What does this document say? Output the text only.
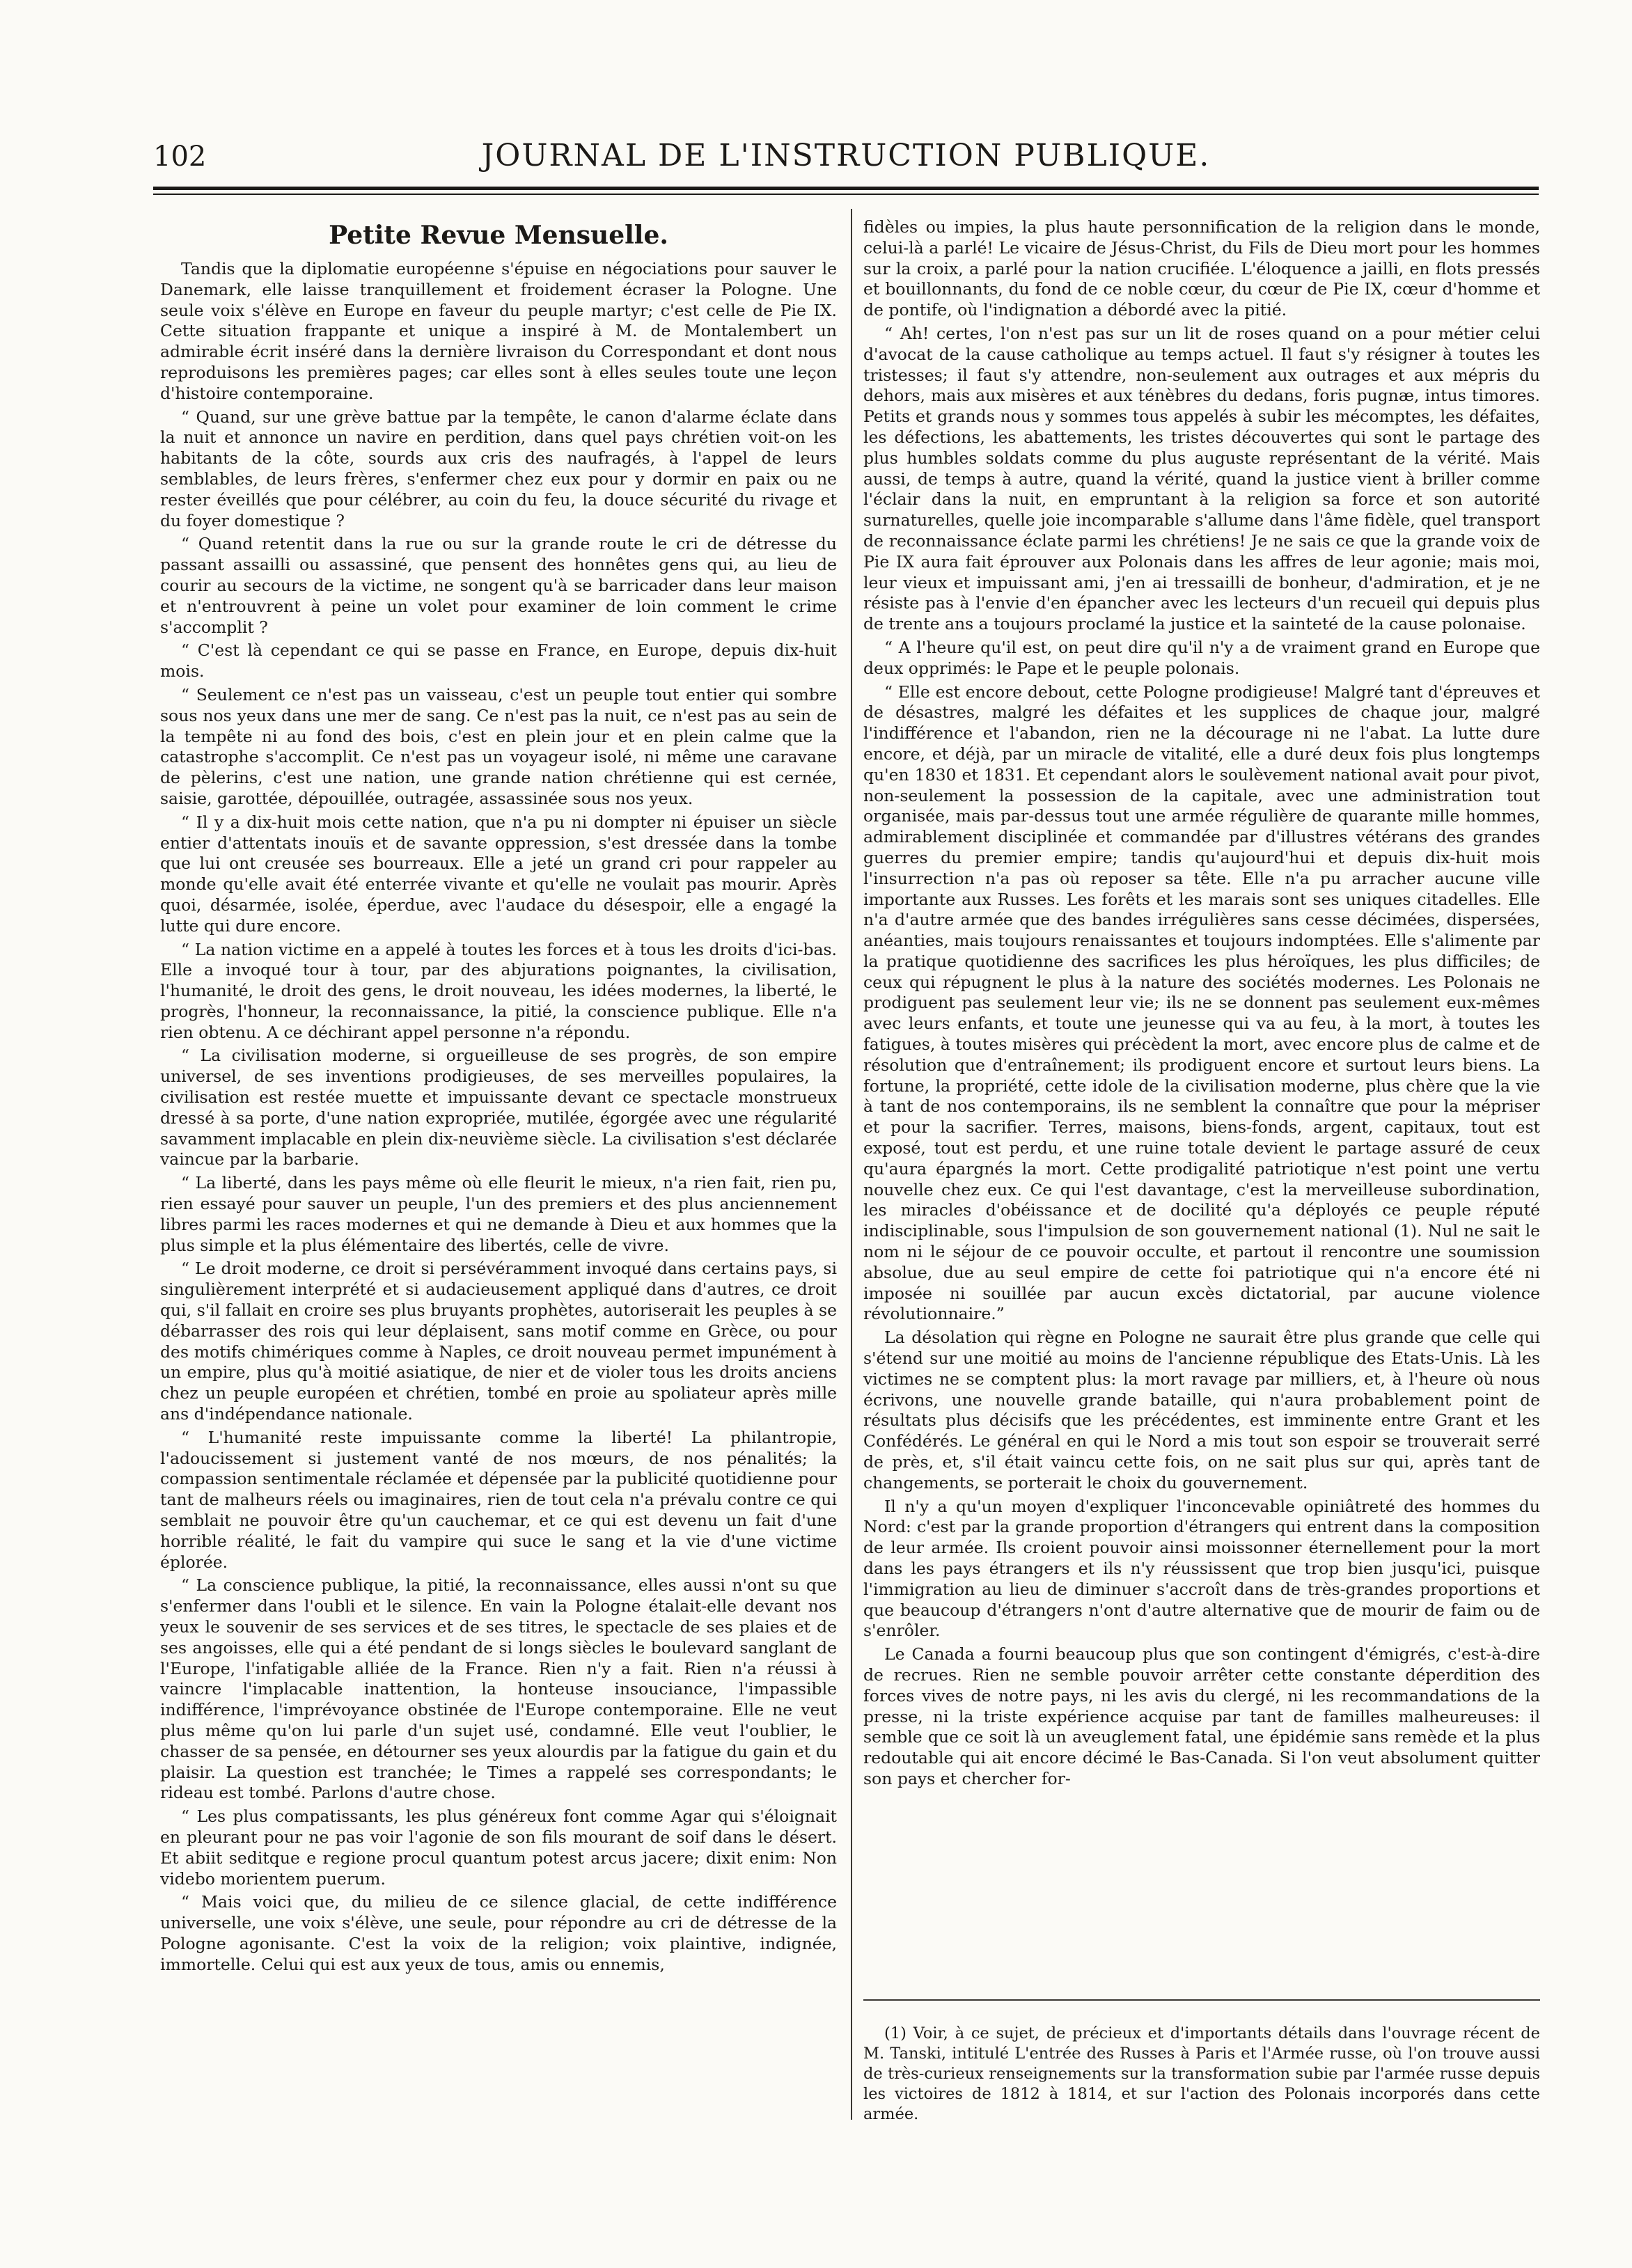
102	JOURNAL DE L'INSTRUCTION PUBLIQUE.
Petite Revue Mensuelle.

Tandis que la diplomatie européenne s'épuise en négociations pour sauver le Danemark, elle laisse tranquillement et froidement écraser la Pologne. Une seule voix s'élève en Europe en faveur du peuple martyr; c'est celle de Pie IX. Cette situation frappante et unique a inspiré à M. de Montalembert un admirable écrit inséré dans la dernière livraison du Correspondant et dont nous reproduisons les premières pages; car elles sont à elles seules toute une leçon d'histoire contemporaine.

“ Quand, sur une grève battue par la tempête, le canon d'alarme éclate dans la nuit et annonce un navire en perdition, dans quel pays chrétien voit-on les habitants de la côte, sourds aux cris des naufragés, à l'appel de leurs semblables, de leurs frères, s'enfermer chez eux pour y dormir en paix ou ne rester éveillés que pour célébrer, au coin du feu, la douce sécurité du rivage et du foyer domestique ?

“ Quand retentit dans la rue ou sur la grande route le cri de détresse du passant assailli ou assassiné, que pensent des honnêtes gens qui, au lieu de courir au secours de la victime, ne songent qu'à se barricader dans leur maison et n'entrouvrent à peine un volet pour examiner de loin comment le crime s'accomplit ?

“ C'est là cependant ce qui se passe en France, en Europe, depuis dix-huit mois.

“ Seulement ce n'est pas un vaisseau, c'est un peuple tout entier qui sombre sous nos yeux dans une mer de sang. Ce n'est pas la nuit, ce n'est pas au sein de la tempête ni au fond des bois, c'est en plein jour et en plein calme que la catastrophe s'accomplit. Ce n'est pas un voyageur isolé, ni même une caravane de pèlerins, c'est une nation, une grande nation chrétienne qui est cernée, saisie, garottée, dépouillée, outragée, assassinée sous nos yeux.

“ Il y a dix-huit mois cette nation, que n'a pu ni dompter ni épuiser un siècle entier d'attentats inouïs et de savante oppression, s'est dressée dans la tombe que lui ont creusée ses bourreaux. Elle a jeté un grand cri pour rappeler au monde qu'elle avait été enterrée vivante et qu'elle ne voulait pas mourir. Après quoi, désarmée, isolée, éperdue, avec l'audace du désespoir, elle a engagé la lutte qui dure encore.

“ La nation victime en a appelé à toutes les forces et à tous les droits d'ici-bas. Elle a invoqué tour à tour, par des abjurations poignantes, la civilisation, l'humanité, le droit des gens, le droit nouveau, les idées modernes, la liberté, le progrès, l'honneur, la reconnaissance, la pitié, la conscience publique. Elle n'a rien obtenu. A ce déchirant appel personne n'a répondu.

“ La civilisation moderne, si orgueilleuse de ses progrès, de son empire universel, de ses inventions prodigieuses, de ses merveilles populaires, la civilisation est restée muette et impuissante devant ce spectacle monstrueux dressé à sa porte, d'une nation expropriée, mutilée, égorgée avec une régularité savamment implacable en plein dix-neuvième siècle. La civilisation s'est déclarée vaincue par la barbarie.

“ La liberté, dans les pays même où elle fleurit le mieux, n'a rien fait, rien pu, rien essayé pour sauver un peuple, l'un des premiers et des plus anciennement libres parmi les races modernes et qui ne demande à Dieu et aux hommes que la plus simple et la plus élémentaire des libertés, celle de vivre.

“ Le droit moderne, ce droit si persévéramment invoqué dans certains pays, si singulièrement interprété et si audacieusement appliqué dans d'autres, ce droit qui, s'il fallait en croire ses plus bruyants prophètes, autoriserait les peuples à se débarrasser des rois qui leur déplaisent, sans motif comme en Grèce, ou pour des motifs chimériques comme à Naples, ce droit nouveau permet impunément à un empire, plus qu'à moitié asiatique, de nier et de violer tous les droits anciens chez un peuple européen et chrétien, tombé en proie au spoliateur après mille ans d'indépendance nationale.

“ L'humanité reste impuissante comme la liberté! La philantropie, l'adoucissement si justement vanté de nos mœurs, de nos pénalités; la compassion sentimentale réclamée et dépensée par la publicité quotidienne pour tant de malheurs réels ou imaginaires, rien de tout cela n'a prévalu contre ce qui semblait ne pouvoir être qu'un cauchemar, et ce qui est devenu un fait d'une horrible réalité, le fait du vampire qui suce le sang et la vie d'une victime éplorée.

“ La conscience publique, la pitié, la reconnaissance, elles aussi n'ont su que s'enfermer dans l'oubli et le silence. En vain la Pologne étalait-elle devant nos yeux le souvenir de ses services et de ses titres, le spectacle de ses plaies et de ses angoisses, elle qui a été pendant de si longs siècles le boulevard sanglant de l'Europe, l'infatigable alliée de la France. Rien n'y a fait. Rien n'a réussi à vaincre l'implacable inattention, la honteuse insouciance, l'impassible indifférence, l'imprévoyance obstinée de l'Europe contemporaine. Elle ne veut plus même qu'on lui parle d'un sujet usé, condamné. Elle veut l'oublier, le chasser de sa pensée, en détourner ses yeux alourdis par la fatigue du gain et du plaisir. La question est tranchée; le Times a rappelé ses correspondants; le rideau est tombé. Parlons d'autre chose.

“ Les plus compatissants, les plus généreux font comme Agar qui s'éloignait en pleurant pour ne pas voir l'agonie de son fils mourant de soif dans le désert. Et abiit seditque e regione procul quantum potest arcus jacere; dixit enim: Non videbo morientem puerum.

“ Mais voici que, du milieu de ce silence glacial, de cette indifférence universelle, une voix s'élève, une seule, pour répondre au cri de détresse de la Pologne agonisante. C'est la voix de la religion; voix plaintive, indignée, immortelle. Celui qui est aux yeux de tous, amis ou ennemis,

fidèles ou impies, la plus haute personnification de la religion dans le monde, celui-là a parlé! Le vicaire de Jésus-Christ, du Fils de Dieu mort pour les hommes sur la croix, a parlé pour la nation crucifiée. L'éloquence a jailli, en flots pressés et bouillonnants, du fond de ce noble cœur, du cœur de Pie IX, cœur d'homme et de pontife, où l'indignation a débordé avec la pitié.

“ Ah! certes, l'on n'est pas sur un lit de roses quand on a pour métier celui d'avocat de la cause catholique au temps actuel. Il faut s'y résigner à toutes les tristesses; il faut s'y attendre, non-seulement aux outrages et aux mépris du dehors, mais aux misères et aux ténèbres du dedans, foris pugnæ, intus timores. Petits et grands nous y sommes tous appelés à subir les mécomptes, les défaites, les défections, les abattements, les tristes découvertes qui sont le partage des plus humbles soldats comme du plus auguste représentant de la vérité. Mais aussi, de temps à autre, quand la vérité, quand la justice vient à briller comme l'éclair dans la nuit, en empruntant à la religion sa force et son autorité surnaturelles, quelle joie incomparable s'allume dans l'âme fidèle, quel transport de reconnaissance éclate parmi les chrétiens! Je ne sais ce que la grande voix de Pie IX aura fait éprouver aux Polonais dans les affres de leur agonie; mais moi, leur vieux et impuissant ami, j'en ai tressailli de bonheur, d'admiration, et je ne résiste pas à l'envie d'en épancher avec les lecteurs d'un recueil qui depuis plus de trente ans a toujours proclamé la justice et la sainteté de la cause polonaise.

“ A l'heure qu'il est, on peut dire qu'il n'y a de vraiment grand en Europe que deux opprimés: le Pape et le peuple polonais.

“ Elle est encore debout, cette Pologne prodigieuse! Malgré tant d'épreuves et de désastres, malgré les défaites et les supplices de chaque jour, malgré l'indifférence et l'abandon, rien ne la décourage ni ne l'abat. La lutte dure encore, et déjà, par un miracle de vitalité, elle a duré deux fois plus longtemps qu'en 1830 et 1831. Et cependant alors le soulèvement national avait pour pivot, non-seulement la possession de la capitale, avec une administration tout organisée, mais par-dessus tout une armée régulière de quarante mille hommes, admirablement disciplinée et commandée par d'illustres vétérans des grandes guerres du premier empire; tandis qu'aujourd'hui et depuis dix-huit mois l'insurrection n'a pas où reposer sa tête. Elle n'a pu arracher aucune ville importante aux Russes. Les forêts et les marais sont ses uniques citadelles. Elle n'a d'autre armée que des bandes irrégulières sans cesse décimées, dispersées, anéanties, mais toujours renaissantes et toujours indomptées. Elle s'alimente par la pratique quotidienne des sacrifices les plus héroïques, les plus difficiles; de ceux qui répugnent le plus à la nature des sociétés modernes. Les Polonais ne prodiguent pas seulement leur vie; ils ne se donnent pas seulement eux-mêmes avec leurs enfants, et toute une jeunesse qui va au feu, à la mort, à toutes les fatigues, à toutes misères qui précèdent la mort, avec encore plus de calme et de résolution que d'entraînement; ils prodiguent encore et surtout leurs biens. La fortune, la propriété, cette idole de la civilisation moderne, plus chère que la vie à tant de nos contemporains, ils ne semblent la connaître que pour la mépriser et pour la sacrifier. Terres, maisons, biens-fonds, argent, capitaux, tout est exposé, tout est perdu, et une ruine totale devient le partage assuré de ceux qu'aura épargnés la mort. Cette prodigalité patriotique n'est point une vertu nouvelle chez eux. Ce qui l'est davantage, c'est la merveilleuse subordination, les miracles d'obéissance et de docilité qu'a déployés ce peuple réputé indisciplinable, sous l'impulsion de son gouvernement national (1). Nul ne sait le nom ni le séjour de ce pouvoir occulte, et partout il rencontre une soumission absolue, due au seul empire de cette foi patriotique qui n'a encore été ni imposée ni souillée par aucun excès dictatorial, par aucune violence révolutionnaire.”

La désolation qui règne en Pologne ne saurait être plus grande que celle qui s'étend sur une moitié au moins de l'ancienne république des Etats-Unis. Là les victimes ne se comptent plus: la mort ravage par milliers, et, à l'heure où nous écrivons, une nouvelle grande bataille, qui n'aura probablement point de résultats plus décisifs que les précédentes, est imminente entre Grant et les Confédérés. Le général en qui le Nord a mis tout son espoir se trouverait serré de près, et, s'il était vaincu cette fois, on ne sait plus sur qui, après tant de changements, se porterait le choix du gouvernement.

Il n'y a qu'un moyen d'expliquer l'inconcevable opiniâtreté des hommes du Nord: c'est par la grande proportion d'étrangers qui entrent dans la composition de leur armée. Ils croient pouvoir ainsi moissonner éternellement pour la mort dans les pays étrangers et ils n'y réussissent que trop bien jusqu'ici, puisque l'immigration au lieu de diminuer s'accroît dans de très-grandes proportions et que beaucoup d'étrangers n'ont d'autre alternative que de mourir de faim ou de s'enrôler.

Le Canada a fourni beaucoup plus que son contingent d'émigrés, c'est-à-dire de recrues. Rien ne semble pouvoir arrêter cette constante déperdition des forces vives de notre pays, ni les avis du clergé, ni les recommandations de la presse, ni la triste expérience acquise par tant de familles malheureuses: il semble que ce soit là un aveuglement fatal, une épidémie sans remède et la plus redoutable qui ait encore décimé le Bas-Canada. Si l'on veut absolument quitter son pays et chercher for-

(1) Voir, à ce sujet, de précieux et d'importants détails dans l'ouvrage récent de M. Tanski, intitulé L'entrée des Russes à Paris et l'Armée russe, où l'on trouve aussi de très-curieux renseignements sur la transformation subie par l'armée russe depuis les victoires de 1812 à 1814, et sur l'action des Polonais incorporés dans cette armée.
